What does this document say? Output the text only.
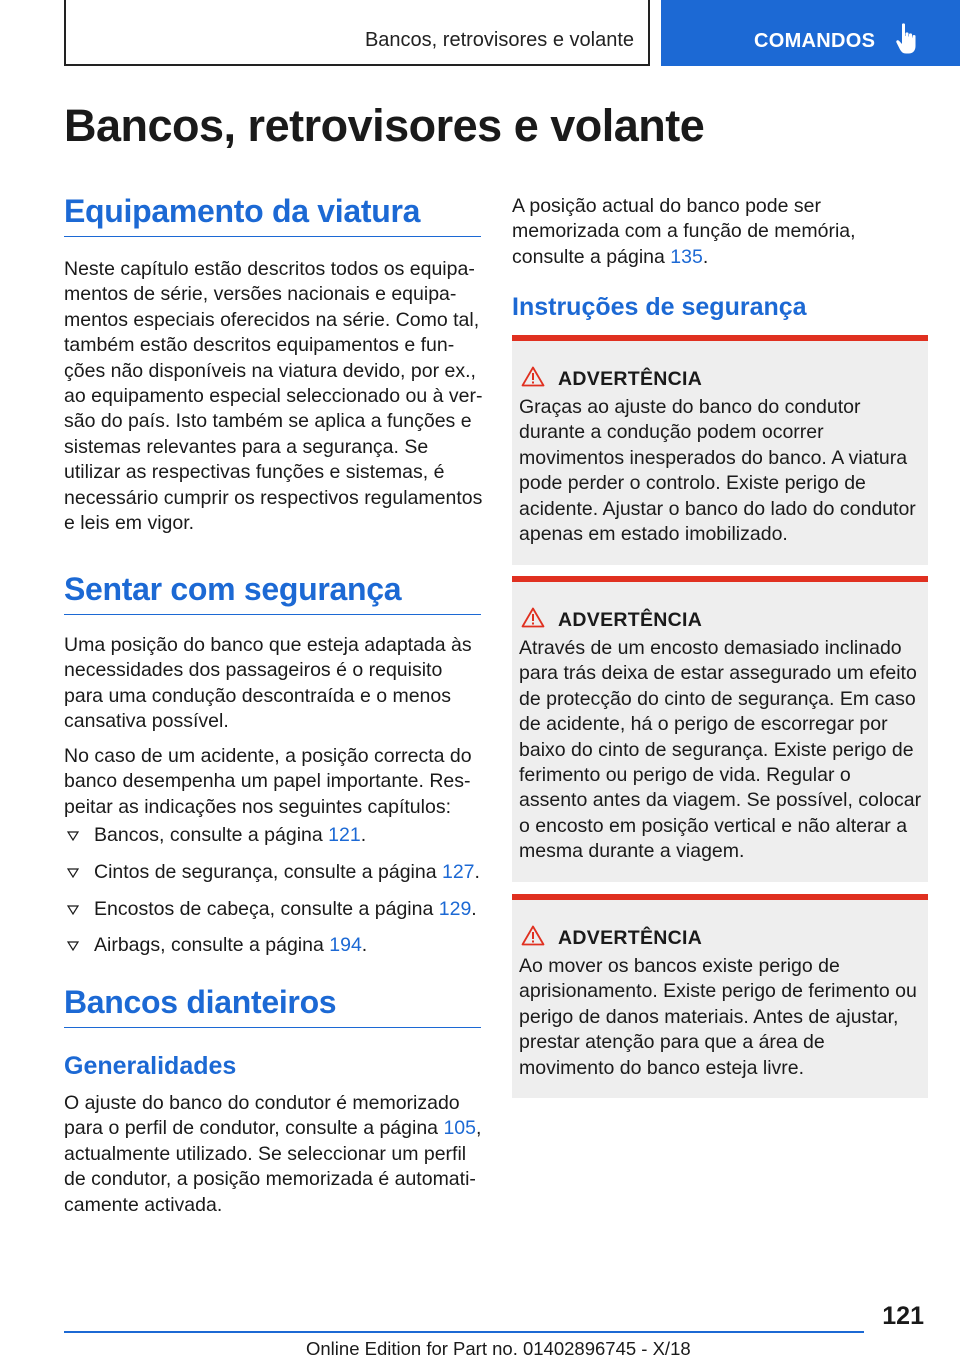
Bancos, retrovisores e volante	COMANDOS
Bancos, retrovisores e volante
Equipamento da viatura

Neste capítulo estão descritos todos os equipamentos de série, versões nacionais e equipamentos especiais oferecidos na série. Como tal, também estão descritos equipamentos e funções não disponíveis na viatura devido, por ex., ao equipamento especial seleccionado ou à versão do país. Isto também se aplica a funções e sistemas relevantes para a segurança. Se utilizar as respectivas funções e sistemas, é necessário cumprir os respectivos regulamentos e leis em vigor.

Sentar com segurança

Uma posição do banco que esteja adaptada às necessidades dos passageiros é o requisito para uma condução descontraída e o menos cansativa possível.

No caso de um acidente, a posição correcta do banco desempenha um papel importante. Respeitar as indicações nos seguintes capítulos:

Bancos, consulte a página 121.
Cintos de segurança, consulte a página 127.
Encostos de cabeça, consulte a página 129.
Airbags, consulte a página 194.
Bancos dianteiros
Generalidades

O ajuste do banco do condutor é memorizado para o perfil de condutor, consulte a página 105, actualmente utilizado. Se seleccionar um perfil de condutor, a posição memorizada é automaticamente activada.

A posição actual do banco pode ser memorizada com a função de memória, consulte a página 135.

Instruções de segurança
ADVERTÊNCIA
Graças ao ajuste do banco do condutor durante a condução podem ocorrer movimentos inesperados do banco. A viatura pode perder o controlo. Existe perigo de acidente. Ajustar o banco do lado do condutor apenas em estado imobilizado.
ADVERTÊNCIA
Através de um encosto demasiado inclinado para trás deixa de estar assegurado um efeito de protecção do cinto de segurança. Em caso de acidente, há o perigo de escorregar por baixo do cinto de segurança. Existe perigo de ferimento ou perigo de vida. Regular o assento antes da viagem. Se possível, colocar o encosto em posição vertical e não alterar a mesma durante a viagem.
ADVERTÊNCIA
Ao mover os bancos existe perigo de aprisionamento. Existe perigo de ferimento ou perigo de danos materiais. Antes de ajustar, prestar atenção para que a área de movimento do banco esteja livre.
121
Online Edition for Part no. 01402896745 - X/18
